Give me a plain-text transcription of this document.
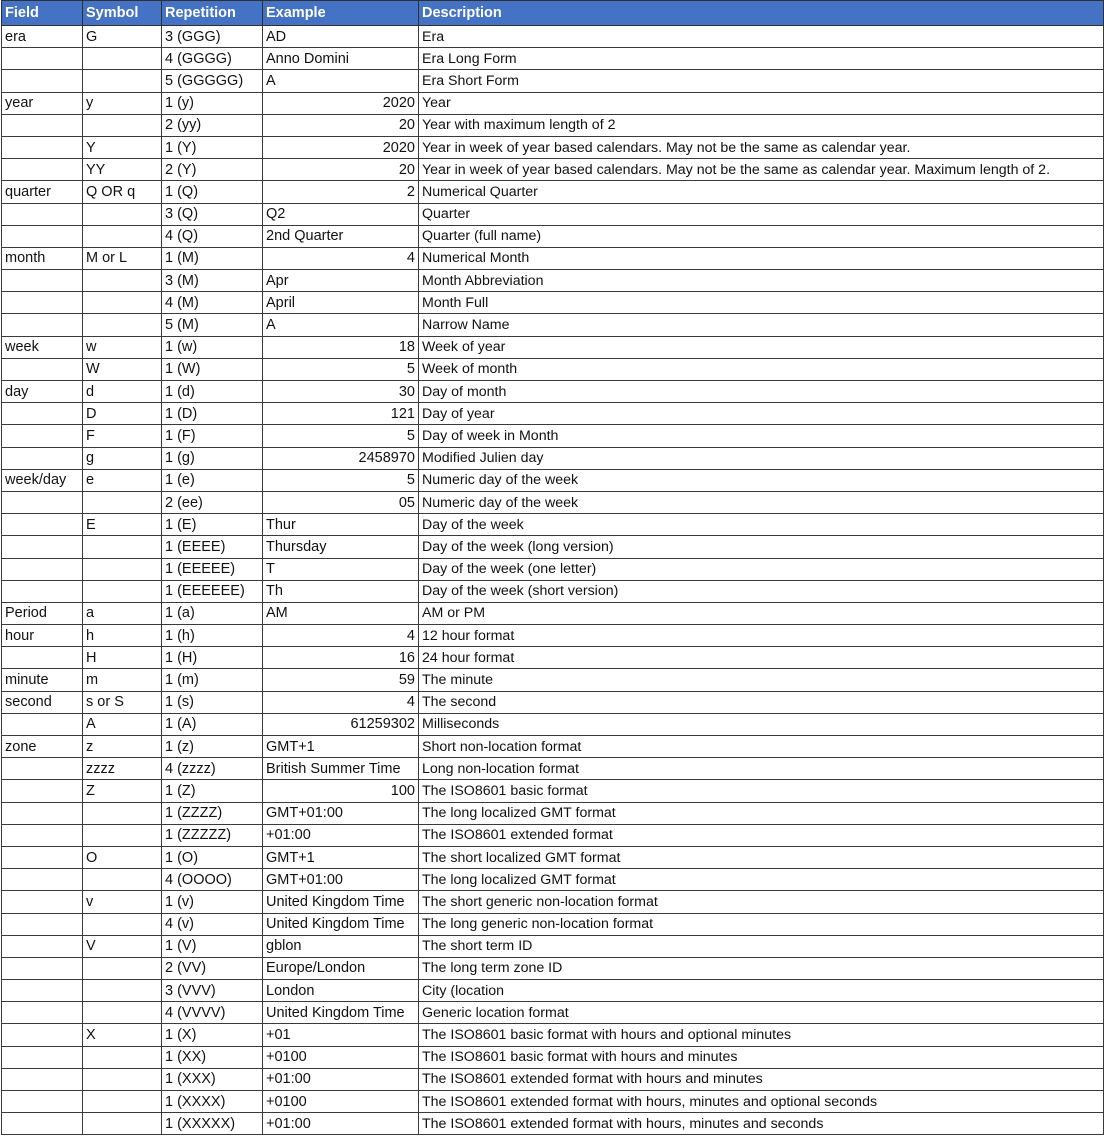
Field	Symbol	Repetition	Example	Description
era	G	3 (GGG)	AD	Era
		4 (GGGG)	Anno Domini	Era Long Form
		5 (GGGGG)	A	Era Short Form
year	y	1 (y)	2020	Year
		2 (yy)	20	Year with maximum length of 2
	Y	1 (Y)	2020	Year in week of year based calendars. May not be the same as calendar year.
	YY	2 (Y)	20	Year in week of year based calendars. May not be the same as calendar year. Maximum length of 2.
quarter	Q OR q	1 (Q)	2	Numerical Quarter
		3 (Q)	Q2	Quarter
		4 (Q)	2nd Quarter	Quarter (full name)
month	M or L	1 (M)	4	Numerical Month
		3 (M)	Apr	Month Abbreviation
		4 (M)	April	Month Full
		5 (M)	A	Narrow Name
week	w	1 (w)	18	Week of year
	W	1 (W)	5	Week of month
day	d	1 (d)	30	Day of month
	D	1 (D)	121	Day of year
	F	1 (F)	5	Day of week in Month
	g	1 (g)	2458970	Modified Julien day
week/day	e	1 (e)	5	Numeric day of the week
		2 (ee)	05	Numeric day of the week
	E	1 (E)	Thur	Day of the week
		1 (EEEE)	Thursday	Day of the week (long version)
		1 (EEEEE)	T	Day of the week (one letter)
		1 (EEEEEE)	Th	Day of the week (short version)
Period	a	1 (a)	AM	AM or PM
hour	h	1 (h)	4	12 hour format
	H	1 (H)	16	24 hour format
minute	m	1 (m)	59	The minute
second	s or S	1 (s)	4	The second
	A	1 (A)	61259302	Milliseconds
zone	z	1 (z)	GMT+1	Short non-location format
	zzzz	4 (zzzz)	British Summer Time	Long non-location format
	Z	1 (Z)	100	The ISO8601 basic format
		1 (ZZZZ)	GMT+01:00	The long localized GMT format
		1 (ZZZZZ)	+01:00	The ISO8601 extended format
	O	1 (O)	GMT+1	The short localized GMT format
		4 (OOOO)	GMT+01:00	The long localized GMT format
	v	1 (v)	United Kingdom Time	The short generic non-location format
		4 (v)	United Kingdom Time	The long generic non-location format
	V	1 (V)	gblon	The short term ID
		2 (VV)	Europe/London	The long term zone ID
		3 (VVV)	London	City (location
		4 (VVVV)	United Kingdom Time	Generic location format
	X	1 (X)	+01	The ISO8601 basic format with hours and optional minutes
		1 (XX)	+0100	The ISO8601 basic format with hours and minutes
		1 (XXX)	+01:00	The ISO8601 extended format with hours and minutes
		1 (XXXX)	+0100	The ISO8601 extended format with hours, minutes and optional seconds
		1 (XXXXX)	+01:00	The ISO8601 extended format with hours, minutes and seconds
